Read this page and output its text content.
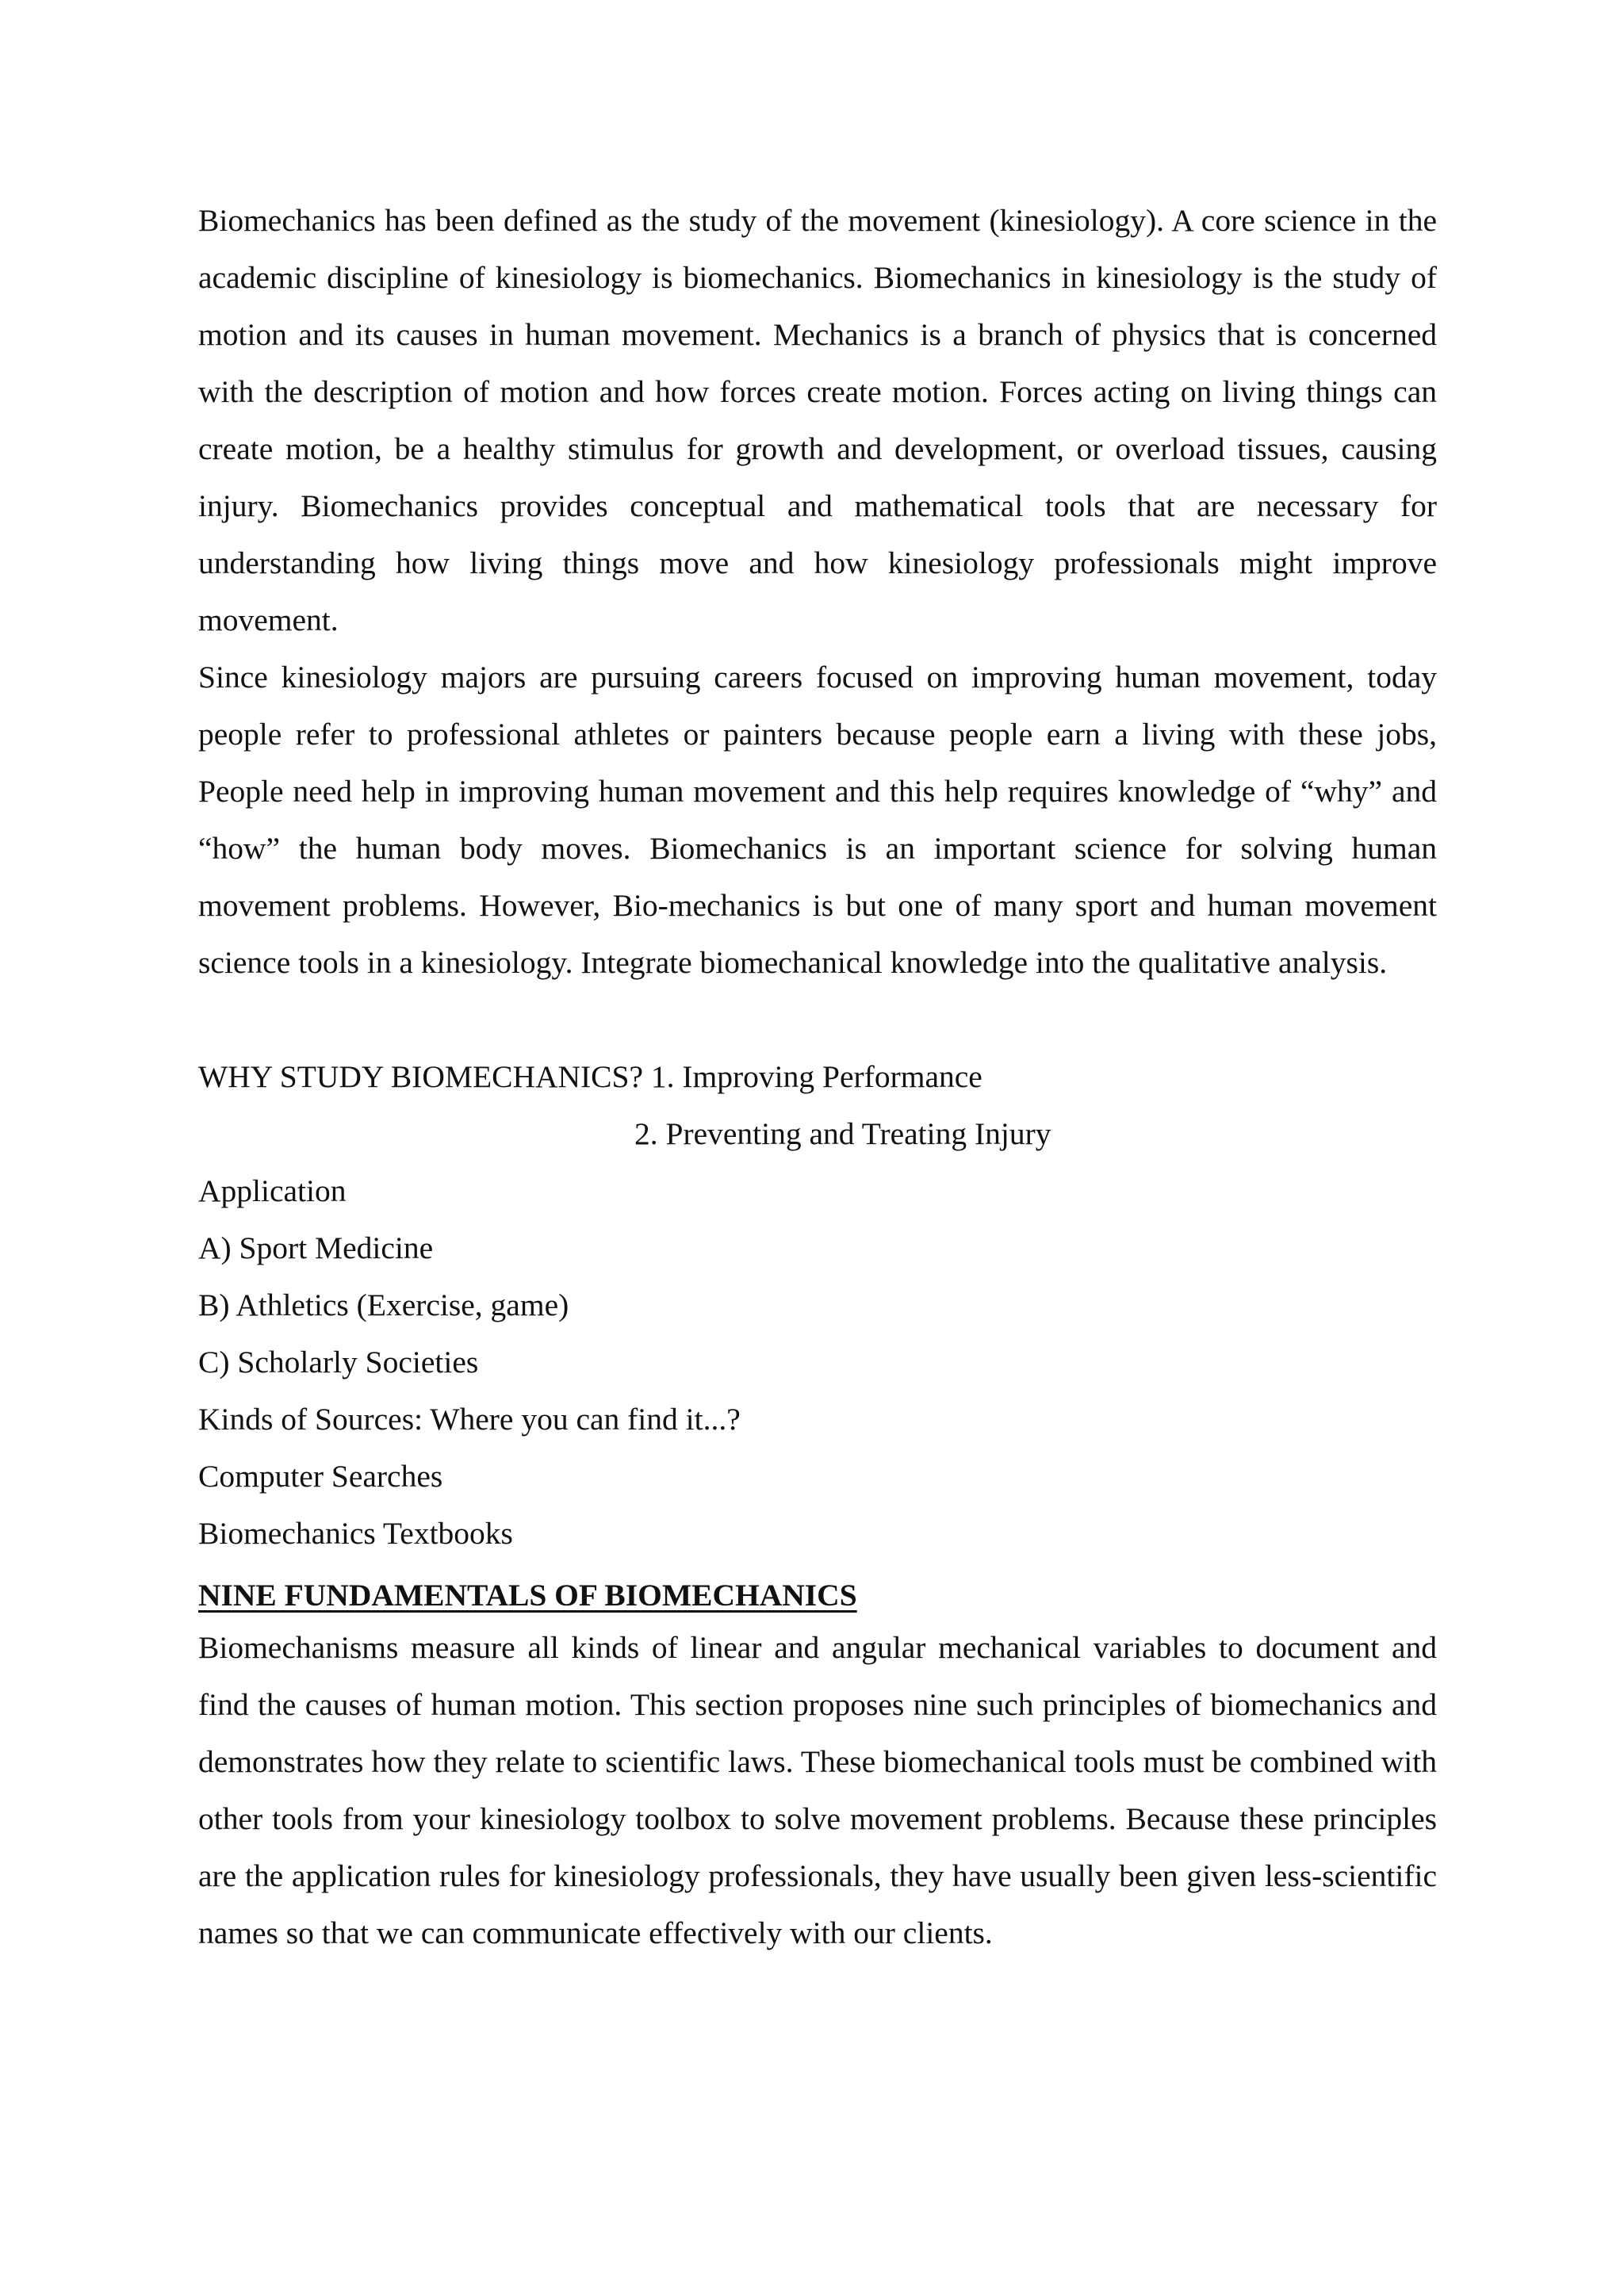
Biomechanics has been defined as the study of the movement (kinesiology). A core science in the academic discipline of kinesiology is biomechanics. Biomechanics in kinesiology is the study of motion and its causes in human movement. Mechanics is a branch of physics that is concerned with the description of motion and how forces create motion. Forces acting on living things can create motion, be a healthy stimulus for growth and development, or overload tissues, causing injury. Biomechanics provides conceptual and mathematical tools that are necessary for understanding how living things move and how kinesiology professionals might improve movement.

Since kinesiology majors are pursuing careers focused on improving human movement, today people refer to professional athletes or painters because people earn a living with these jobs, People need help in improving human movement and this help requires knowledge of “why” and “how” the human body moves. Biomechanics is an important science for solving human movement problems. However, Bio-mechanics is but one of many sport and human movement science tools in a kinesiology. Integrate biomechanical knowledge into the qualitative analysis.

WHY STUDY BIOMECHANICS? 1. Improving Performance

2. Preventing and Treating Injury

Application

A) Sport Medicine

B) Athletics (Exercise, game)

C) Scholarly Societies

Kinds of Sources: Where you can find it...?

Computer Searches

Biomechanics Textbooks

NINE FUNDAMENTALS OF BIOMECHANICS

Biomechanisms measure all kinds of linear and angular mechanical variables to document and find the causes of human motion. This section proposes nine such principles of biomechanics and demonstrates how they relate to scientific laws. These biomechanical tools must be combined with other tools from your kinesiology toolbox to solve movement problems. Because these principles are the application rules for kinesiology professionals, they have usually been given less-scientific names so that we can communicate effectively with our clients.
